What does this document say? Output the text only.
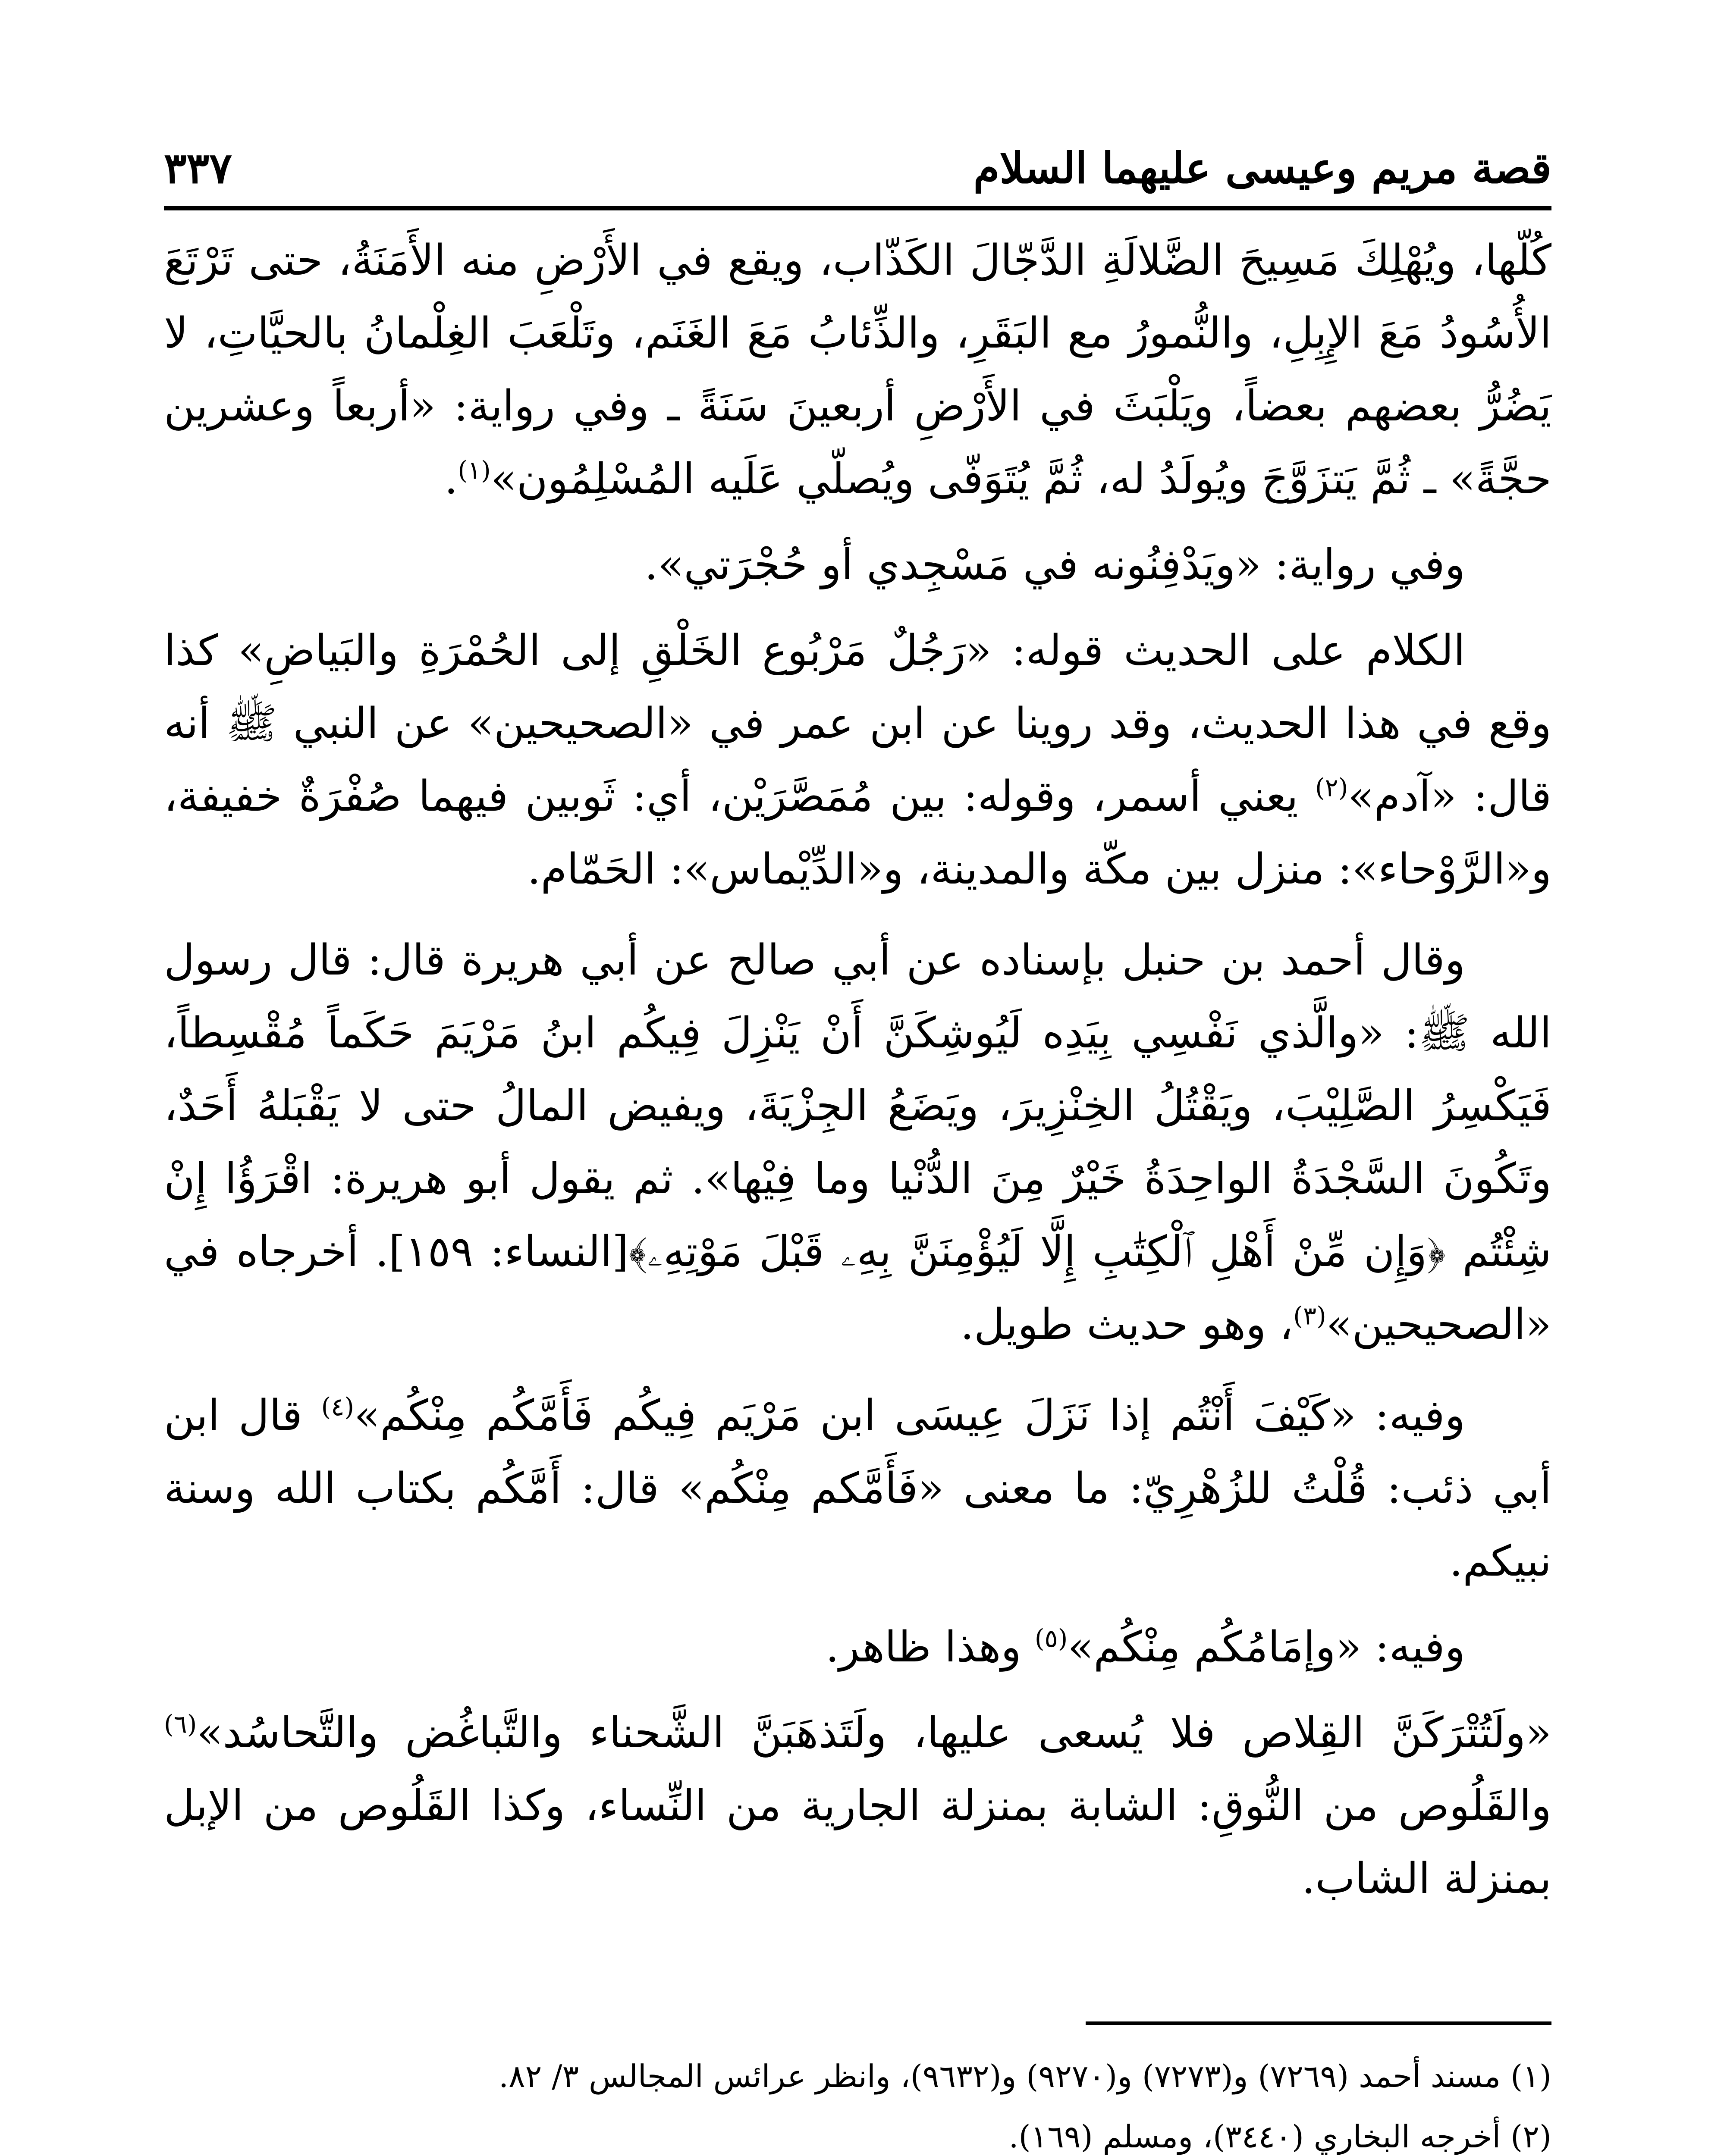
قصة مريم وعيسى عليهما السلام
٣٣٧

كُلّها، ويُهْلِكَ مَسِيحَ الضَّلالَةِ الدَّجّالَ الكَذّاب، ويقع في الأَرْضِ منه الأَمَنَةُ، حتى تَرْتَعَ الأُسُودُ مَعَ الإِبِلِ، والنُّمورُ مع البَقَرِ، والذِّئابُ مَعَ الغَنَم، وتَلْعَبَ الغِلْمانُ بالحيَّاتِ، لا يَضُرُّ بعضهم بعضاً، ويَلْبَثَ في الأَرْضِ أربعينَ سَنَةً ـ وفي رواية: «أربعاً وعشرين حجَّةً» ـ ثُمَّ يَتزَوَّجَ ويُولَدُ له، ثُمَّ يُتَوَفّى ويُصلّي عَلَيه المُسْلِمُون»$^{(١)}$.

وفي رواية: «ويَدْفِنُونه في مَسْجِدي أو حُجْرَتي».

الكلام على الحديث قوله: «رَجُلٌ مَرْبُوع الخَلْقِ إلى الحُمْرَةِ والبَياضِ» كذا وقع في هذا الحديث، وقد روينا عن ابن عمر في «الصحيحين» عن النبي ﷺ أنه قال: «آدم»$^{(٢)}$ يعني أسمر، وقوله: بين مُمَصَّرَيْن، أي: ثَوبين فيهما صُفْرَةٌ خفيفة، و«الرَّوْحاء»: منزل بين مكّة والمدينة، و«الدِّيْماس»: الحَمّام.

وقال أحمد بن حنبل بإسناده عن أبي صالح عن أبي هريرة قال: قال رسول الله ﷺ: «والَّذي نَفْسِي بِيَدِه لَيُوشِكَنَّ أَنْ يَنْزِلَ فِيكُم ابنُ مَرْيَمَ حَكَماً مُقْسِطاً، فَيَكْسِرُ الصَّلِيْبَ، ويَقْتُلُ الخِنْزِيرَ، ويَضَعُ الجِزْيَةَ، ويفيض المالُ حتى لا يَقْبَلهُ أَحَدٌ، وتَكُونَ السَّجْدَةُ الواحِدَةُ خَيْرٌ مِنَ الدُّنْيا وما فِيْها». ثم يقول أبو هريرة: اقْرَؤُا إِنْ شِئْتُم ﴿وَإِن مِّنْ أَهْلِ ٱلْكِتَٰبِ إِلَّا لَيُؤْمِنَنَّ بِهِۦ قَبْلَ مَوْتِهِۦ﴾[النساء: ١٥٩]. أخرجاه في «الصحيحين»$^{(٣)}$، وهو حديث طويل.

وفيه: «كَيْفَ أَنْتُم إذا نَزَلَ عِيسَى ابن مَرْيَم فِيكُم فَأَمَّكُم مِنْكُم»$^{(٤)}$ قال ابن أبي ذئب: قُلْتُ للزُهْرِيّ: ما معنى «فَأَمَّكم مِنْكُم» قال: أَمَّكُم بكتاب الله وسنة نبيكم.

وفيه: «وإمَامُكُم مِنْكُم»$^{(٥)}$ وهذا ظاهر.

«ولَتُتْرَكَنَّ القِلاص فلا يُسعى عليها، ولَتَذهَبَنَّ الشَّحناء والتَّباغُض والتَّحاسُد»$^{(٦)}$ والقَلُوص من النُّوقِ: الشابة بمنزلة الجارية من النِّساء، وكذا القَلُوص من الإبل بمنزلة الشاب.

(١) مسند أحمد (٧٢٦٩) و(٧٢٧٣) و(٩٢٧٠) و(٩٦٣٢)، وانظر عرائس المجالس ٣/ ٨٢.

(٢) أخرجه البخاري (٣٤٤٠)، ومسلم (١٦٩).
